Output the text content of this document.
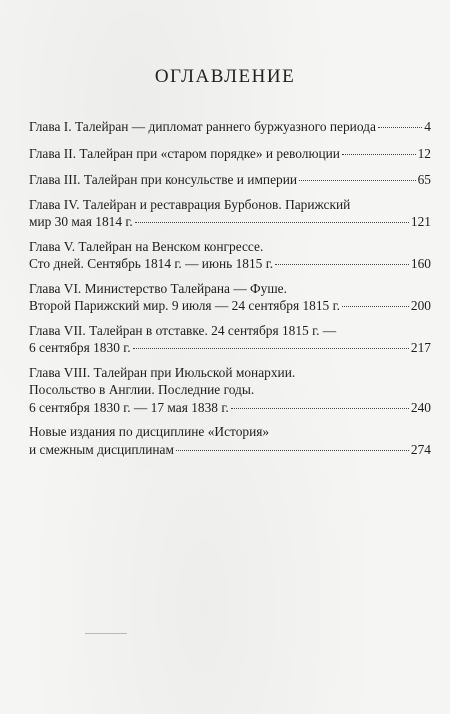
ОГЛАВЛЕНИЕ
Глава I. Талейран — дипломат раннего буржуазного периода	4
Глава II. Талейран при «старом порядке» и революции	12
Глава III. Талейран при консульстве и империи	65
Глава IV. Талейран и реставрация Бурбонов. Парижский
мир 30 мая 1814 г.	121
Глава V. Талейран на Венском конгрессе.
Сто дней. Сентябрь 1814 г. — июнь 1815 г.	160
Глава VI. Министерство Талейрана — Фуше.
Второй Парижский мир. 9 июля — 24 сентября 1815 г.	200
Глава VII. Талейран в отставке. 24 сентября 1815 г. —
6 сентября 1830 г.	217
Глава VIII. Талейран при Июльской монархии.
Посольство в Англии. Последние годы.
6 сентября 1830 г. — 17 мая 1838 г.	240
Новые издания по дисциплине «История»
и смежным дисциплинам	274
